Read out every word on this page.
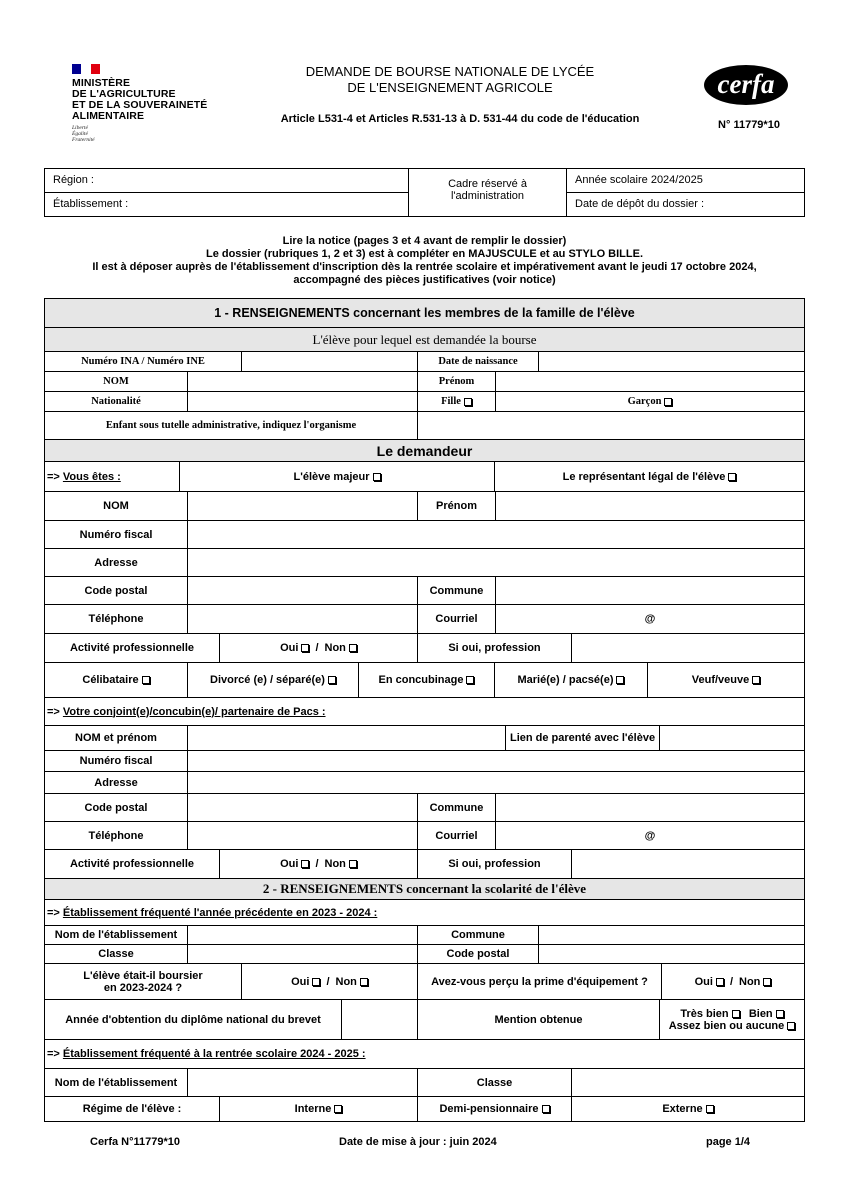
MINISTÈRE
DE L'AGRICULTURE
ET DE LA SOUVERAINETÉ
ALIMENTAIRE
Liberté
Égalité
Fraternité
DEMANDE DE BOURSE NATIONALE DE LYCÉE
DE L'ENSEIGNEMENT AGRICOLE
Article L531-4 et Articles R.531-13 à D. 531-44 du code de l'éducation
cerfa
N° 11779*10
Région :
Établissement :
Cadre réservé à
l'administration
Année scolaire 2024/2025
Date de dépôt du dossier :
Lire la notice (pages 3 et 4 avant de remplir le dossier)
Le dossier (rubriques 1, 2 et 3) est à compléter en MAJUSCULE et au STYLO BILLE.
Il est à déposer auprès de l'établissement d'inscription dès la rentrée scolaire et impérativement avant le jeudi 17 octobre 2024,
accompagné des pièces justificatives (voir notice)
1 - RENSEIGNEMENTS concernant les membres de la famille de l'élève
L'élève pour lequel est demandée la bourse
Numéro INA / Numéro INE	Date de naissance
NOM	Prénom
Nationalité	Fille	Garçon
Enfant sous tutelle administrative, indiquez l'organisme
Le demandeur
=> Vous êtes :	L'élève majeur	Le représentant légal de l'élève
NOM	Prénom
Numéro fiscal
Adresse
Code postal	Commune
Téléphone	Courriel	@
Activité professionnelle	Oui / Non	Si oui, profession
Célibataire	Divorcé (e) / séparé(e)	En concubinage	Marié(e) / pacsé(e)	Veuf/veuve
=> Votre conjoint(e)/concubin(e)/ partenaire de Pacs :
NOM et prénom	Lien de parenté avec l'élève
Numéro fiscal
Adresse
Code postal	Commune
Téléphone	Courriel	@
Activité professionnelle	Oui / Non	Si oui, profession
2 - RENSEIGNEMENTS concernant la scolarité de l'élève
=> Établissement fréquenté l'année précédente en 2023 - 2024 :
Nom de l'établissement	Commune
Classe	Code postal
L'élève était-il boursier
en 2023-2024 ?	Oui / Non	Avez-vous perçu la prime d'équipement ?	Oui / Non
Année d'obtention du diplôme national du brevet	Mention obtenue	Très bien Bien
Assez bien ou aucune
=> Établissement fréquenté à la rentrée scolaire 2024 - 2025 :
Nom de l'établissement	Classe
Régime de l'élève :	Interne	Demi-pensionnaire	Externe
Cerfa N°11779*10	Date de mise à jour : juin 2024	page 1/4
